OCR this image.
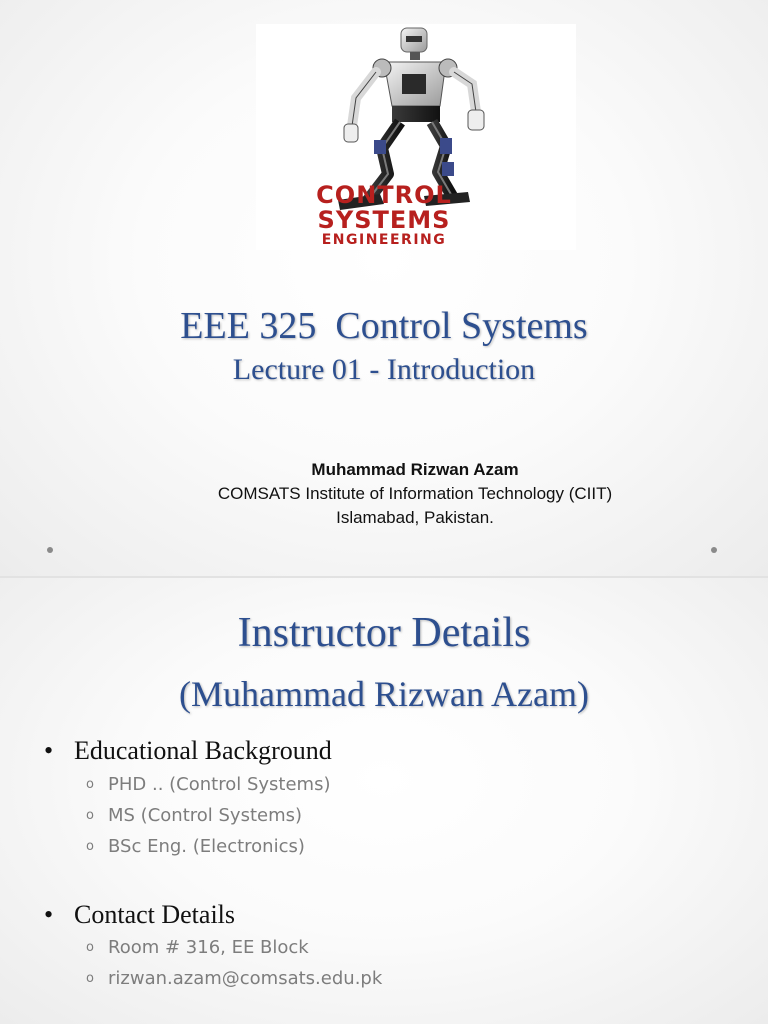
CONTROL
SYSTEMS
ENGINEERING
EEE 325  Control Systems
Lecture 01 - Introduction
Muhammad Rizwan Azam
COMSATS Institute of Information Technology (CIIT)
Islamabad, Pakistan.
Instructor Details
(Muhammad Rizwan Azam)
• Educational Background
o PHD .. (Control Systems)
o MS (Control Systems)
o BSc Eng. (Electronics)
• Contact Details
o Room # 316, EE Block
o rizwan.azam@comsats.edu.pk
